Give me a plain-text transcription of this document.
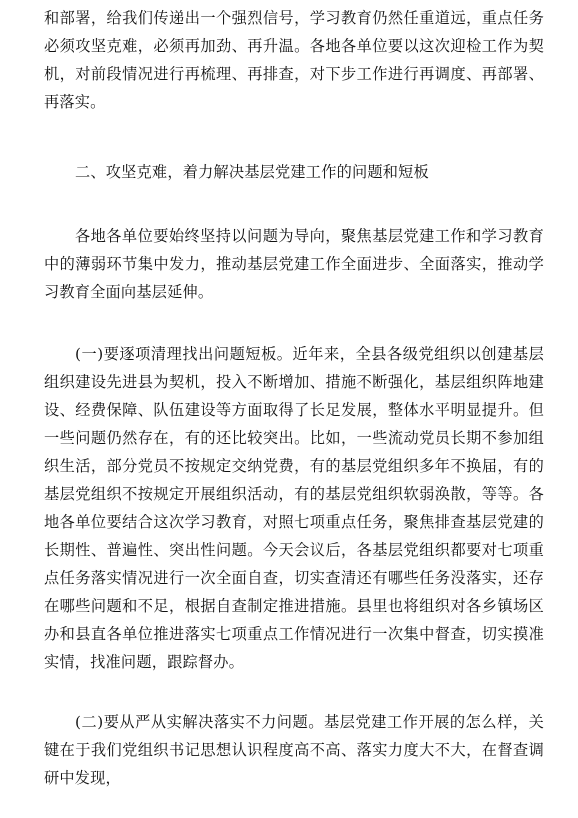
和部署，给我们传递出一个强烈信号，学习教育仍然任重道远，重点任务必须攻坚克难，必须再加劲、再升温。各地各单位要以这次迎检工作为契机，对前段情况进行再梳理、再排查，对下步工作进行再调度、再部署、再落实。

二、攻坚克难，着力解决基层党建工作的问题和短板

各地各单位要始终坚持以问题为导向，聚焦基层党建工作和学习教育中的薄弱环节集中发力，推动基层党建工作全面进步、全面落实，推动学习教育全面向基层延伸。

(一)要逐项清理找出问题短板。近年来，全县各级党组织以创建基层组织建设先进县为契机，投入不断增加、措施不断强化，基层组织阵地建设、经费保障、队伍建设等方面取得了长足发展，整体水平明显提升。但一些问题仍然存在，有的还比较突出。比如，一些流动党员长期不参加组织生活，部分党员不按规定交纳党费，有的基层党组织多年不换届，有的基层党组织不按规定开展组织活动，有的基层党组织软弱涣散，等等。各地各单位要结合这次学习教育，对照七项重点任务，聚焦排查基层党建的长期性、普遍性、突出性问题。今天会议后，各基层党组织都要对七项重点任务落实情况进行一次全面自查，切实查清还有哪些任务没落实，还存在哪些问题和不足，根据自查制定推进措施。县里也将组织对各乡镇场区办和县直各单位推进落实七项重点工作情况进行一次集中督查，切实摸准实情，找准问题，跟踪督办。

(二)要从严从实解决落实不力问题。基层党建工作开展的怎么样，关键在于我们党组织书记思想认识程度高不高、落实力度大不大，在督查调研中发现，
